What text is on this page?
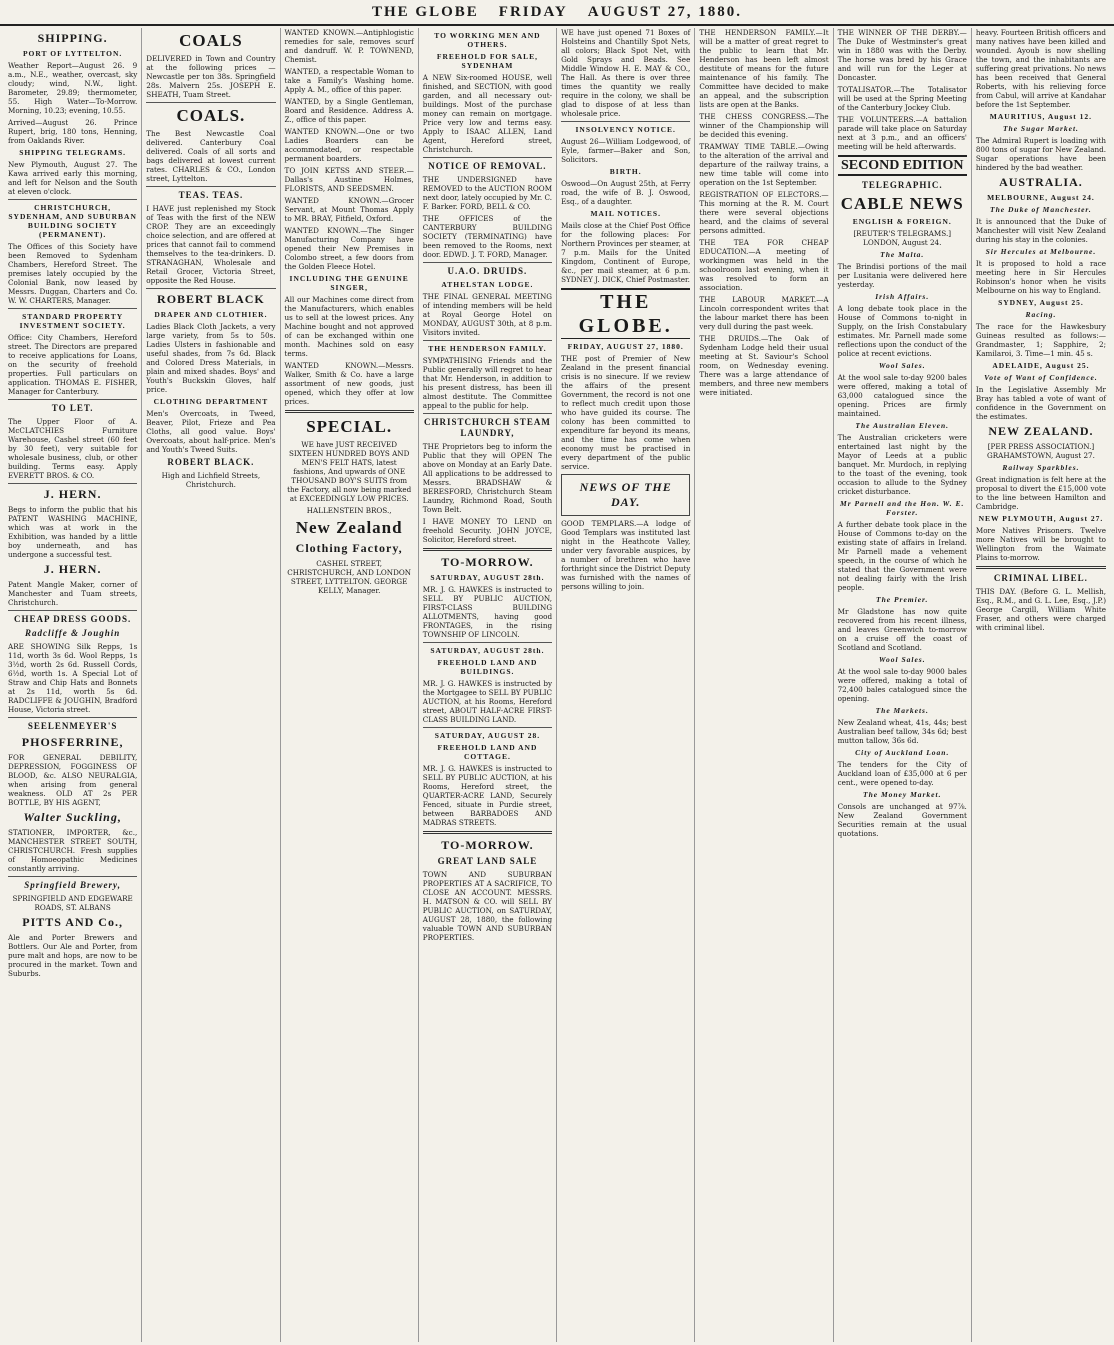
THE GLOBE FRIDAY AUGUST 27, 1880.
SHIPPING.
PORT OF LYTTELTON.
Weather Report—August 26. 9 a.m., N.E., weather, overcast, sky cloudy; wind, N.W., light. Barometer, 29.89; thermometer, 55. High Water—To-Morrow. Morning, 10.23; evening, 10.55.
Arrived—August 26. Prince Rupert, brig, 180 tons, Henning, from Oaklands River.
SHIPPING TELEGRAMS.
New Plymouth, August 27. The Kawa arrived early this morning, and left for Nelson and the South at eleven o'clock.
CHRISTCHURCH, SYDENHAM, AND SUBURBAN BUILDING SOCIETY (PERMANENT).
The Offices of this Society have been Removed to Sydenham Chambers, Hereford Street. The premises lately occupied by the Colonial Bank, now leased by Messrs. Duggan, Charters and Co. W. W. CHARTERS, Manager.
STANDARD PROPERTY INVESTMENT SOCIETY.
Office: City Chambers, Hereford street. The Directors are prepared to receive applications for Loans, on the security of freehold properties. Full particulars on application. THOMAS E. FISHER, Manager for Canterbury.
TO LET.
The Upper Floor of A. McCLATCHIES Furniture Warehouse, Cashel street (60 feet by 30 feet), very suitable for wholesale business, club, or other building. Terms easy. Apply EVERETT BROS. & CO.
J. HERN.
Begs to inform the public that his PATENT WASHING MACHINE, which was at work in the Exhibition, was handed by a little boy underneath, and has undergone a successful test.
J. HERN.
Patent Mangle Maker, corner of Manchester and Tuam streets, Christchurch.
CHEAP DRESS GOODS.
Radcliffe & Joughin
ARE SHOWING Silk Repps, 1s 11d, worth 3s 6d. Wool Repps, 1s 3½d, worth 2s 6d. Russell Cords, 6½d, worth 1s. A Special Lot of Straw and Chip Hats and Bonnets at 2s 11d, worth 5s 6d. RADCLIFFE & JOUGHIN, Bradford House, Victoria street.
SEELENMEYER'S
PHOSFERRINE,
FOR GENERAL DEBILITY, DEPRESSION, FOGGINESS OF BLOOD, &c. ALSO NEURALGIA, when arising from general weakness. OLD AT 2s PER BOTTLE, BY HIS AGENT,
Walter Suckling,
STATIONER, IMPORTER, &c., MANCHESTER STREET SOUTH, CHRISTCHURCH. Fresh supplies of Homoeopathic Medicines constantly arriving.
Springfield Brewery,
SPRINGFIELD AND EDGEWARE ROADS, ST. ALBANS
PITTS AND Co.,
Ale and Porter Brewers and Bottlers. Our Ale and Porter, from pure malt and hops, are now to be procured in the market. Town and Suburbs.
COALS
DELIVERED in Town and Country at the following prices — Newcastle per ton 38s. Springfield 28s. Malvern 25s. JOSEPH E. SHEATH, Tuam Street.
COALS.
The Best Newcastle Coal delivered. Canterbury Coal delivered. Coals of all sorts and bags delivered at lowest current rates. CHARLES & CO., London street, Lyttelton.
TEAS. TEAS.
I HAVE just replenished my Stock of Teas with the first of the NEW CROP. They are an exceedingly choice selection, and are offered at prices that cannot fail to commend themselves to the tea-drinkers. D. STRANAGHAN, Wholesale and Retail Grocer, Victoria Street, opposite the Red House.
ROBERT BLACK
DRAPER AND CLOTHIER.
Ladies Black Cloth Jackets, a very large variety, from 5s to 50s. Ladies Ulsters in fashionable and useful shades, from 7s 6d. Black and Colored Dress Materials, in plain and mixed shades. Boys' and Youth's Buckskin Gloves, half price.
CLOTHING DEPARTMENT
Men's Overcoats, in Tweed, Beaver, Pilot, Frieze and Pea Cloths, all good value. Boys' Overcoats, about half-price. Men's and Youth's Tweed Suits.
ROBERT BLACK.
High and Lichfield Streets, Christchurch.
WANTED KNOWN.—Antiphlogistic remedies for sale, removes scurf and dandruff. W. P. TOWNEND, Chemist.
WANTED, a respectable Woman to take a Family's Washing home. Apply A. M., office of this paper.
WANTED, by a Single Gentleman, Board and Residence. Address A. Z., office of this paper.
WANTED KNOWN.—One or two Ladies Boarders can be accommodated, or respectable permanent boarders.
TO JOIN KETSS AND STEER.—Dallas's Austine Holmes, FLORISTS, AND SEEDSMEN.
WANTED KNOWN.—Grocer Servant, at Mount Thomas Apply to MR. BRAY, Fitfield, Oxford.
WANTED KNOWN.—The Singer Manufacturing Company have opened their New Premises in Colombo street, a few doors from the Golden Fleece Hotel.
INCLUDING THE GENUINE SINGER,
All our Machines come direct from the Manufacturers, which enables us to sell at the lowest prices. Any Machine bought and not approved of can be exchanged within one month. Machines sold on easy terms.
WANTED KNOWN.—Messrs. Walker, Smith & Co. have a large assortment of new goods, just opened, which they offer at low prices.
SPECIAL.
WE have JUST RECEIVED SIXTEEN HUNDRED BOYS AND MEN'S FELT HATS, latest fashions, And upwards of ONE THOUSAND BOY'S SUITS from the Factory, all now being marked at EXCEEDINGLY LOW PRICES.
HALLENSTEIN BROS.,
New Zealand
Clothing Factory,
CASHEL STREET, CHRISTCHURCH, AND LONDON STREET, LYTTELTON. GEORGE KELLY, Manager.
TO WORKING MEN AND OTHERS.
FREEHOLD FOR SALE, SYDENHAM
A NEW Six-roomed HOUSE, well finished, and SECTION, with good garden, and all necessary out-buildings. Most of the purchase money can remain on mortgage. Price very low and terms easy. Apply to ISAAC ALLEN, Land Agent, Hereford street, Christchurch.
NOTICE OF REMOVAL.
THE UNDERSIGNED have REMOVED to the AUCTION ROOM next door, lately occupied by Mr. C. F. Barker. FORD, BELL & CO.
THE OFFICES of the CANTERBURY BUILDING SOCIETY (TERMINATING) have been removed to the Rooms, next door. EDWD. J. T. FORD, Manager.
U.A.O. DRUIDS.
ATHELSTAN LODGE.
THE FINAL GENERAL MEETING of intending members will be held at Royal George Hotel on MONDAY, AUGUST 30th, at 8 p.m. Visitors invited.
THE HENDERSON FAMILY.
SYMPATHISING Friends and the Public generally will regret to hear that Mr. Henderson, in addition to his present distress, has been ill almost destitute. The Committee appeal to the public for help.
CHRISTCHURCH STEAM LAUNDRY,
THE Proprietors beg to inform the Public that they will OPEN The above on Monday at an Early Date. All applications to be addressed to Messrs. BRADSHAW & BERESFORD, Christchurch Steam Laundry, Richmond Road, South Town Belt.
I HAVE MONEY TO LEND on freehold Security. JOHN JOYCE, Solicitor, Hereford street.
TO-MORROW.
SATURDAY, AUGUST 28th.
MR. J. G. HAWKES is instructed to SELL BY PUBLIC AUCTION, FIRST-CLASS BUILDING ALLOTMENTS, having good FRONTAGES, in the rising TOWNSHIP OF LINCOLN.
SATURDAY, AUGUST 28th.
FREEHOLD LAND AND BUILDINGS.
MR. J. G. HAWKES is instructed by the Mortgagee to SELL BY PUBLIC AUCTION, at his Rooms, Hereford street, ABOUT HALF-ACRE FIRST-CLASS BUILDING LAND.
SATURDAY, AUGUST 28.
FREEHOLD LAND AND COTTAGE.
MR. J. G. HAWKES is instructed to SELL BY PUBLIC AUCTION, at his Rooms, Hereford street, the QUARTER-ACRE LAND, Securely Fenced, situate in Purdie street, between BARBADOES AND MADRAS STREETS.
TO-MORROW.
GREAT LAND SALE
TOWN AND SUBURBAN PROPERTIES AT A SACRIFICE, TO CLOSE AN ACCOUNT. MESSRS. H. MATSON & CO. will SELL BY PUBLIC AUCTION, on SATURDAY, AUGUST 28, 1880, the following valuable TOWN AND SUBURBAN PROPERTIES.
WE have just opened 71 Boxes of Holsteins and Chantilly Spot Nets, all colors; Black Spot Net, with Gold Sprays and Beads. See Middle Window H. E. MAY & CO., The Hall. As there is over three times the quantity we really require in the colony, we shall be glad to dispose of at less than wholesale price.
INSOLVENCY NOTICE.
August 26—William Lodgewood, of Eyle, farmer—Baker and Son, Solicitors.
BIRTH.
Oswood—On August 25th, at Ferry road, the wife of B. J. Oswood, Esq., of a daughter.
MAIL NOTICES.
Mails close at the Chief Post Office for the following places: For Northern Provinces per steamer, at 7 p.m. Mails for the United Kingdom, Continent of Europe, &c., per mail steamer, at 6 p.m. SYDNEY J. DICK, Chief Postmaster.
THE GLOBE.
FRIDAY, AUGUST 27, 1880.
THE post of Premier of New Zealand in the present financial crisis is no sinecure. If we review the affairs of the present Government, the record is not one to reflect much credit upon those who have guided its course. The colony has been committed to expenditure far beyond its means, and the time has come when economy must be practised in every department of the public service.
NEWS OF THE DAY.
GOOD TEMPLARS.—A lodge of Good Templars was instituted last night in the Heathcote Valley, under very favorable auspices, by a number of brethren who have forthright since the District Deputy was furnished with the names of persons willing to join.
THE HENDERSON FAMILY.—It will be a matter of great regret to the public to learn that Mr. Henderson has been left almost destitute of means for the future maintenance of his family. The Committee have decided to make an appeal, and the subscription lists are open at the Banks.
THE CHESS CONGRESS.—The winner of the Championship will be decided this evening.
TRAMWAY TIME TABLE.—Owing to the alteration of the arrival and departure of the railway trains, a new time table will come into operation on the 1st September.
REGISTRATION OF ELECTORS.—This morning at the R. M. Court there were several objections heard, and the claims of several persons admitted.
THE TEA FOR CHEAP EDUCATION.—A meeting of workingmen was held in the schoolroom last evening, when it was resolved to form an association.
THE LABOUR MARKET.—A Lincoln correspondent writes that the labour market there has been very dull during the past week.
THE DRUIDS.—The Oak of Sydenham Lodge held their usual meeting at St. Saviour's School room, on Wednesday evening. There was a large attendance of members, and three new members were initiated.
THE WINNER OF THE DERBY.—The Duke of Westminster's great win in 1880 was with the Derby. The horse was bred by his Grace and will run for the Leger at Doncaster.
TOTALISATOR.—The Totalisator will be used at the Spring Meeting of the Canterbury Jockey Club.
THE VOLUNTEERS.—A battalion parade will take place on Saturday next at 3 p.m., and an officers' meeting will be held afterwards.
SECOND EDITION
TELEGRAPHIC.
CABLE NEWS
ENGLISH & FOREIGN.
[REUTER'S TELEGRAMS.] LONDON, August 24.
The Malta.
The Brindisi portions of the mail per Lusitania were delivered here yesterday.
Irish Affairs.
A long debate took place in the House of Commons to-night in Supply, on the Irish Constabulary estimates. Mr. Parnell made some reflections upon the conduct of the police at recent evictions.
Wool Sales.
At the wool sale to-day 9200 bales were offered, making a total of 63,000 catalogued since the opening. Prices are firmly maintained.
The Australian Eleven.
The Australian cricketers were entertained last night by the Mayor of Leeds at a public banquet. Mr. Murdoch, in replying to the toast of the evening, took occasion to allude to the Sydney cricket disturbance.
Mr Parnell and the Hon. W. E. Forster.
A further debate took place in the House of Commons to-day on the existing state of affairs in Ireland. Mr Parnell made a vehement speech, in the course of which he stated that the Government were not dealing fairly with the Irish people.
The Premier.
Mr Gladstone has now quite recovered from his recent illness, and leaves Greenwich to-morrow on a cruise off the coast of Scotland and Scotland.
Wool Sales.
At the wool sale to-day 9000 bales were offered, making a total of 72,400 bales catalogued since the opening.
The Markets.
New Zealand wheat, 41s, 44s; best Australian beef tallow, 34s 6d; best mutton tallow, 36s 6d.
City of Auckland Loan.
The tenders for the City of Auckland loan of £35,000 at 6 per cent., were opened to-day.
The Money Market.
Consols are unchanged at 97⅞. New Zealand Government Securities remain at the usual quotations.
heavy. Fourteen British officers and many natives have been killed and wounded. Ayoub is now shelling the town, and the inhabitants are suffering great privations. No news has been received that General Roberts, with his relieving force from Cabul, will arrive at Kandahar before the 1st September.
MAURITIUS, August 12.
The Sugar Market.
The Admiral Rupert is loading with 800 tons of sugar for New Zealand. Sugar operations have been hindered by the bad weather.
AUSTRALIA.
MELBOURNE, August 24.
The Duke of Manchester.
It is announced that the Duke of Manchester will visit New Zealand during his stay in the colonies.
Sir Hercules at Melbourne.
It is proposed to hold a race meeting here in Sir Hercules Robinson's honor when he visits Melbourne on his way to England.
SYDNEY, August 25.
Racing.
The race for the Hawkesbury Guineas resulted as follows:—Grandmaster, 1; Sapphire, 2; Kamilaroi, 3. Time—1 min. 45 s.
ADELAIDE, August 25.
Vote of Want of Confidence.
In the Legislative Assembly Mr Bray has tabled a vote of want of confidence in the Government on the estimates.
NEW ZEALAND.
[PER PRESS ASSOCIATION.] GRAHAMSTOWN, August 27.
Railway Sparkbles.
Great indignation is felt here at the proposal to divert the £15,000 vote to the line between Hamilton and Cambridge.
NEW PLYMOUTH, August 27.
More Natives Prisoners. Twelve more Natives will be brought to Wellington from the Waimate Plains to-morrow.
CRIMINAL LIBEL.
THIS DAY. (Before G. L. Mellish, Esq., R.M., and G. L. Lee, Esq., J.P.) George Cargill, William White Fraser, and others were charged with criminal libel.
